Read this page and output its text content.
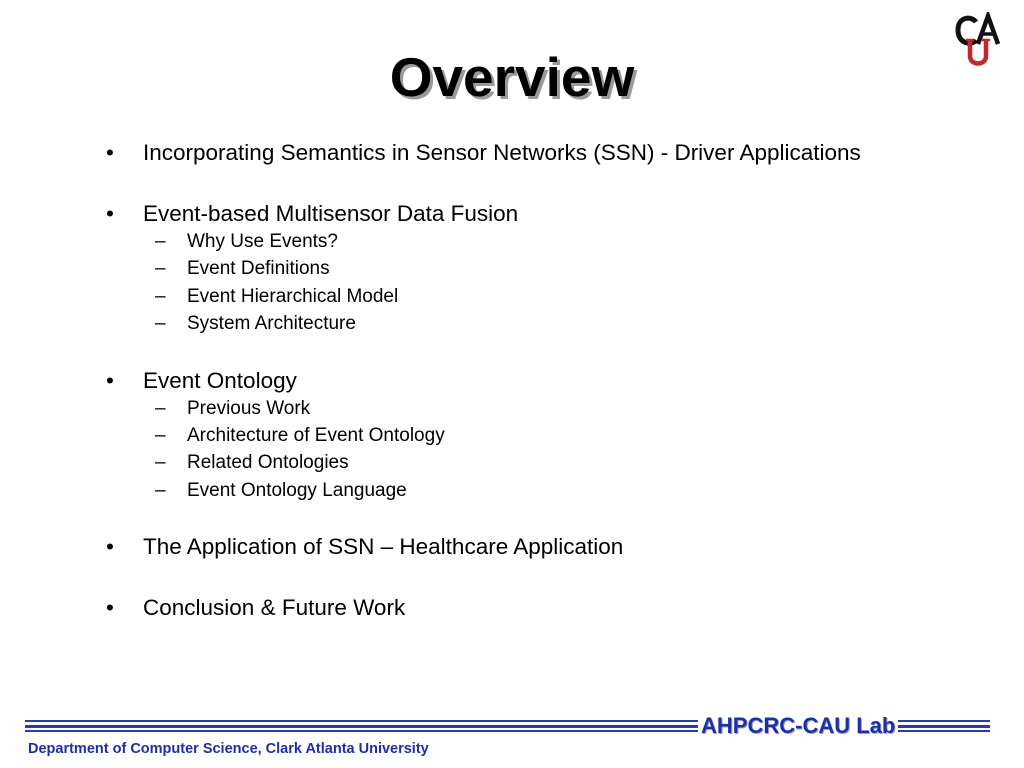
Overview
• Incorporating Semantics in Sensor Networks (SSN) - Driver Applications
• Event-based Multisensor Data Fusion
– Why Use Events?
– Event Definitions
– Event Hierarchical Model
– System Architecture
• Event Ontology
– Previous Work
– Architecture of Event Ontology
– Related Ontologies
– Event Ontology Language
• The Application of SSN – Healthcare Application
• Conclusion & Future Work
AHPCRC-CAU Lab
Department of Computer Science, Clark Atlanta University
